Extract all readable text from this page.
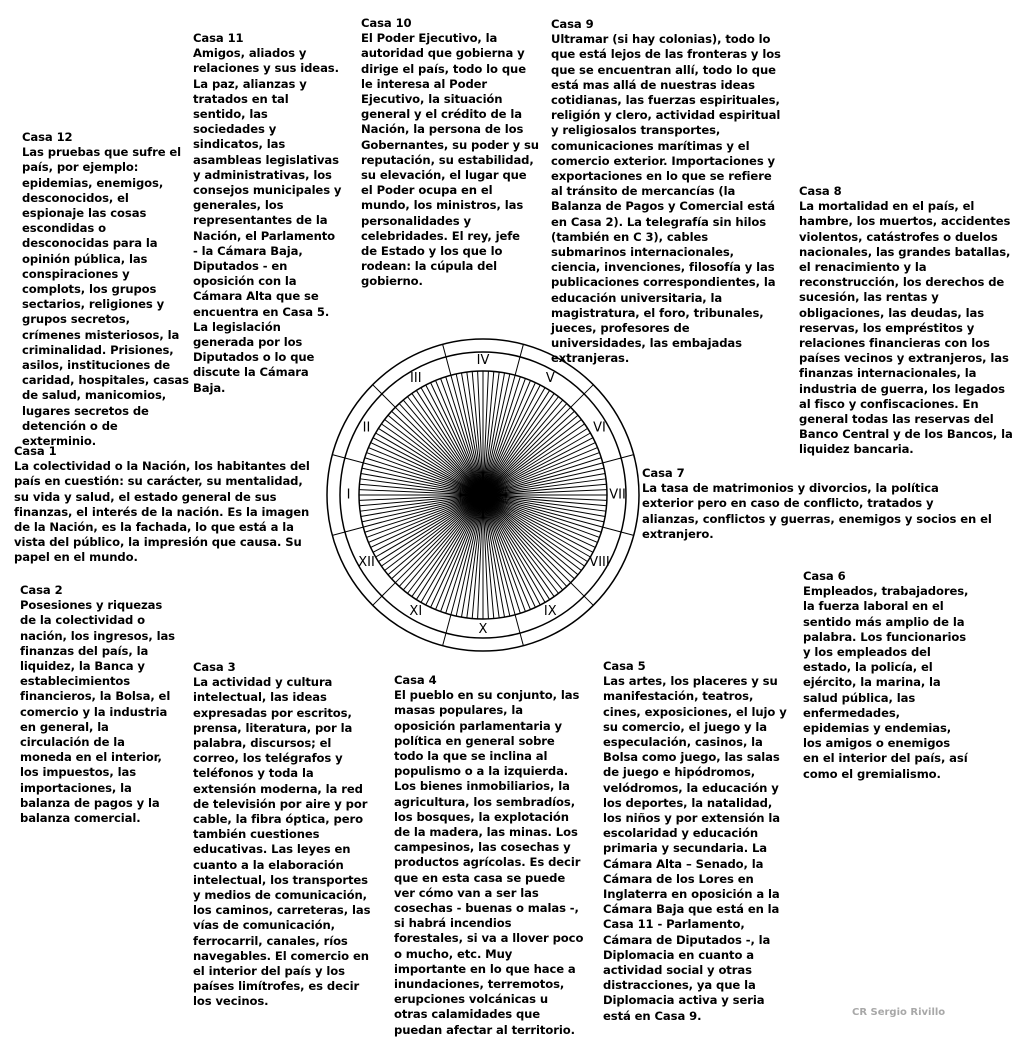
Casa 12
Las pruebas que sufre el país, por ejemplo: epidemias, enemigos, desconocidos, el espionaje las cosas escondidas o desconocidas para la opinión pública, las conspiraciones y complots, los grupos sectarios, religiones y grupos secretos, crímenes misteriosos, la criminalidad. Prisiones, asilos, instituciones de caridad, hospitales, casas de salud, manicomios, lugares secretos de detención o de exterminio.
Casa 11
Amigos, aliados y relaciones y sus ideas. La paz, alianzas y tratados en tal sentido, las sociedades y sindicatos, las asambleas legislativas y administrativas, los consejos municipales y generales, los representantes de la Nación, el Parlamento - la Cámara Baja, Diputados - en oposición con la Cámara Alta que se encuentra en Casa 5. La legislación generada por los Diputados o lo que discute la Cámara Baja.
Casa 10
El Poder Ejecutivo, la autoridad que gobierna y dirige el país, todo lo que le interesa al Poder Ejecutivo, la situación general y el crédito de la Nación, la persona de los Gobernantes, su poder y su reputación, su estabilidad, su elevación, el lugar que el Poder ocupa en el mundo, los ministros, las personalidades y celebridades. El rey, jefe de Estado y los que lo rodean: la cúpula del gobierno.
Casa 9
Ultramar (si hay colonias), todo lo que está lejos de las fronteras y los que se encuentran allí, todo lo que está mas allá de nuestras ideas cotidianas, las fuerzas espirituales, religión y clero, actividad espiritual y religiosalos transportes, comunicaciones marítimas y el comercio exterior. Importaciones y exportaciones en lo que se refiere al tránsito de mercancías (la Balanza de Pagos y Comercial está en Casa 2). La telegrafía sin hilos (también en C 3), cables submarinos internacionales, ciencia, invenciones, filosofía y las publicaciones correspondientes, la educación universitaria, la magistratura, el foro, tribunales, jueces, profesores de universidades, las embajadas extranjeras.
Casa 8
La mortalidad en el país, el hambre, los muertos, accidentes violentos, catástrofes o duelos nacionales, las grandes batallas, el renacimiento y la reconstrucción, los derechos de sucesión, las rentas y obligaciones, las deudas, las reservas, los empréstitos y relaciones financieras con los países vecinos y extranjeros, las finanzas internacionales, la industria de guerra, los legados al fisco y confiscaciones. En general todas las reservas del Banco Central y de los Bancos, la liquidez bancaria.
Casa 7
La tasa de matrimonios y divorcios, la política exterior pero en caso de conflicto, tratados y alianzas, conflictos y guerras, enemigos y socios en el extranjero.
Casa 6
Empleados, trabajadores, la fuerza laboral en el sentido más amplio de la palabra. Los funcionarios y los empleados del estado, la policía, el ejército, la marina, la salud pública, las enfermedades, epidemias y endemias, los amigos o enemigos en el interior del país, así como el gremialismo.
Casa 5
Las artes, los placeres y su manifestación, teatros, cines, exposiciones, el lujo y su comercio, el juego y la especulación, casinos, la Bolsa como juego, las salas de juego e hipódromos, velódromos, la educación y los deportes, la natalidad, los niños y por extensión la escolaridad y educación primaria y secundaria. La Cámara Alta – Senado, la Cámara de los Lores en Inglaterra en oposición a la Cámara Baja que está en la Casa 11 - Parlamento, Cámara de Diputados -, la Diplomacia en cuanto a actividad social y otras distracciones, ya que la Diplomacia activa y seria está en Casa 9.
Casa 4
El pueblo en su conjunto, las masas populares, la oposición parlamentaria y política en general sobre todo la que se inclina al populismo o a la izquierda. Los bienes inmobiliarios, la agricultura, los sembradíos, los bosques, la explotación de la madera, las minas. Los campesinos, las cosechas y productos agrícolas. Es decir que en esta casa se puede ver cómo van a ser las cosechas - buenas o malas -, si habrá incendios forestales, si va a llover poco o mucho, etc. Muy importante en lo que hace a inundaciones, terremotos, erupciones volcánicas u otras calamidades que puedan afectar al territorio.
Casa 3
La actividad y cultura intelectual, las ideas expresadas por escritos, prensa, literatura, por la palabra, discursos; el correo, los telégrafos y teléfonos y toda la extensión moderna, la red de televisión por aire y por cable, la fibra óptica, pero también cuestiones educativas. Las leyes en cuanto a la elaboración intelectual, los transportes y medios de comunicación, los caminos, carreteras, las vías de comunicación, ferrocarril, canales, ríos navegables. El comercio en el interior del país y los países limítrofes, es decir los vecinos.
Casa 2
Posesiones y riquezas de la colectividad o nación, los ingresos, las finanzas del país, la liquidez, la Banca y establecimientos financieros, la Bolsa, el comercio y la industria en general, la circulación de la moneda en el interior, los impuestos, las importaciones, la balanza de pagos y la balanza comercial.
Casa 1
La colectividad o la Nación, los habitantes del país en cuestión: su carácter, su mentalidad, su vida y salud, el estado general de sus finanzas, el interés de la nación. Es la imagen de la Nación, es la fachada, lo que está a la vista del público, la impresión que causa. Su papel en el mundo.
I
II
III
IV
V
VI
VII
VIII
IX
X
XI
XII
CR Sergio Rivillo
